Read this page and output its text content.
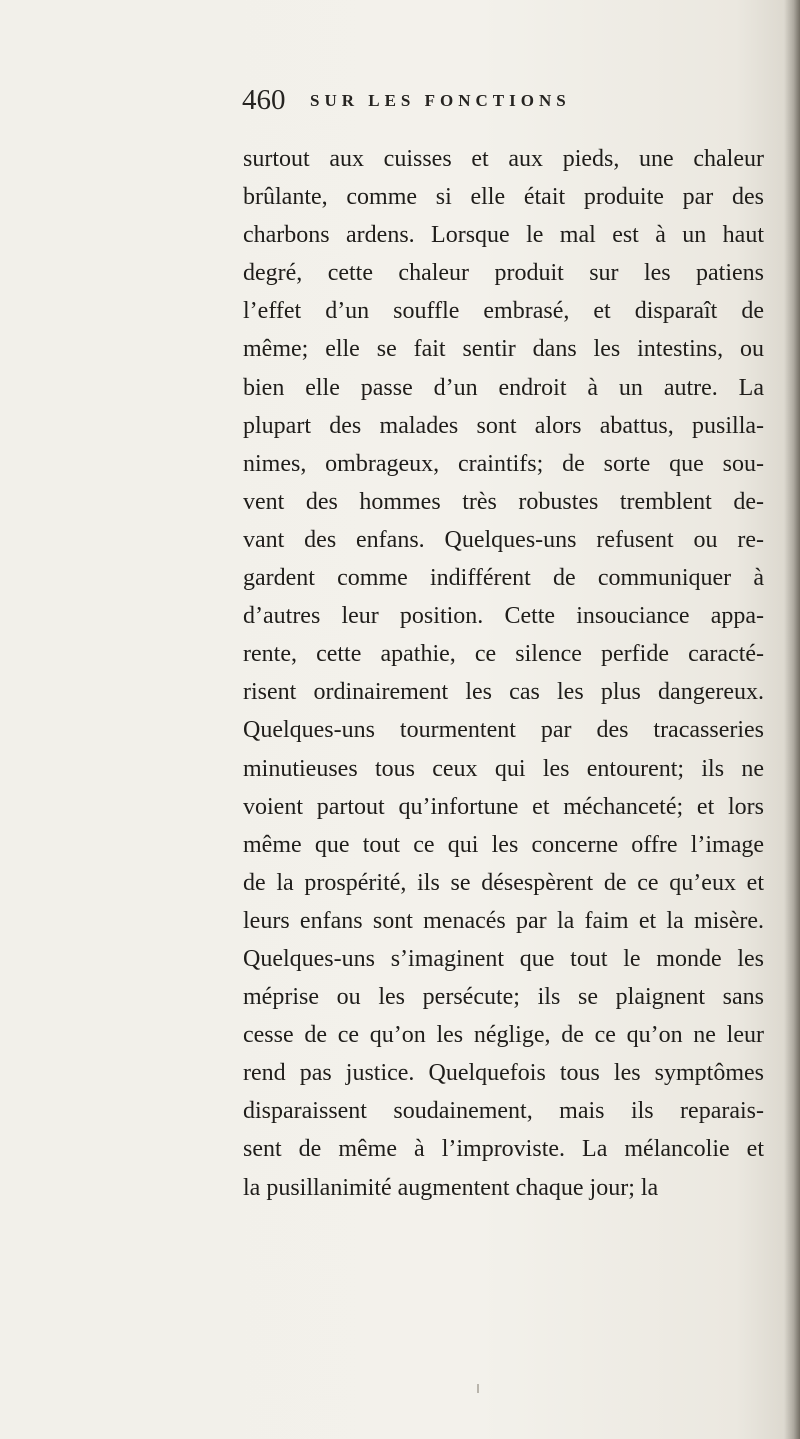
460 SUR LES FONCTIONS
surtout aux cuisses et aux pieds, une chaleur
brûlante, comme si elle était produite par des
charbons ardens. Lorsque le mal est à un haut
degré, cette chaleur produit sur les patiens
l’effet d’un souffle embrasé, et disparaît de
même; elle se fait sentir dans les intestins, ou
bien elle passe d’un endroit à un autre. La
plupart des malades sont alors abattus, pusilla-
nimes, ombrageux, craintifs; de sorte que sou-
vent des hommes très robustes tremblent de-
vant des enfans. Quelques-uns refusent ou re-
gardent comme indifférent de communiquer à
d’autres leur position. Cette insouciance appa-
rente, cette apathie, ce silence perfide caracté-
risent ordinairement les cas les plus dangereux.
Quelques-uns tourmentent par des tracasseries
minutieuses tous ceux qui les entourent; ils ne
voient partout qu’infortune et méchanceté; et lors
même que tout ce qui les concerne offre l’image
de la prospérité, ils se désespèrent de ce qu’eux et
leurs enfans sont menacés par la faim et la misère.
Quelques-uns s’imaginent que tout le monde les
méprise ou les persécute; ils se plaignent sans
cesse de ce qu’on les néglige, de ce qu’on ne leur
rend pas justice. Quelquefois tous les symptômes
disparaissent soudainement, mais ils reparais-
sent de même à l’improviste. La mélancolie et
la pusillanimité augmentent chaque jour; la
